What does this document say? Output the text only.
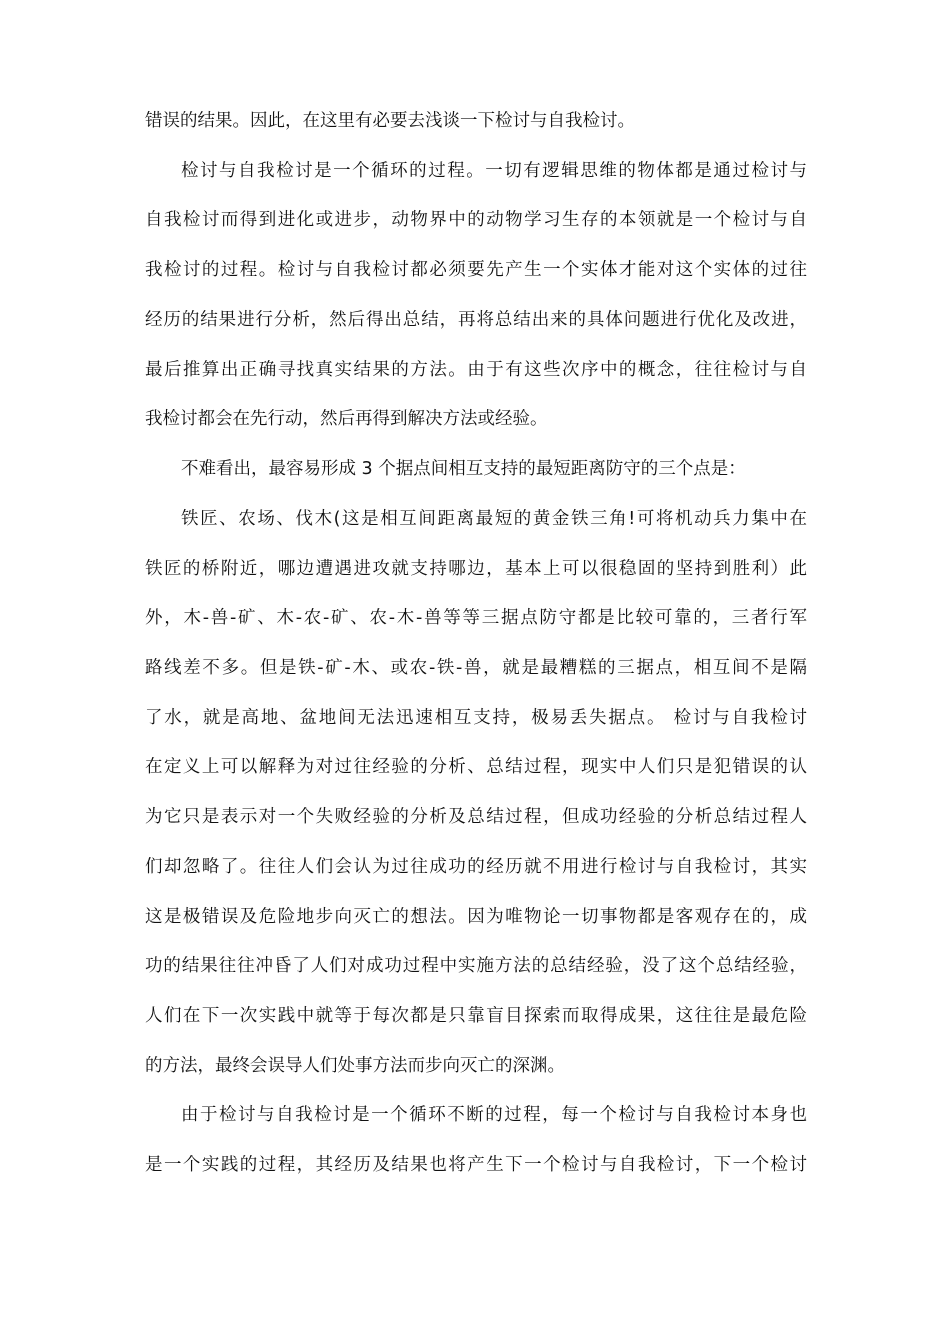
错误的结果。因此，在这里有必要去浅谈一下检讨与自我检讨。
检讨与自我检讨是一个循环的过程。一切有逻辑思维的物体都是通过检讨与
自我检讨而得到进化或进步，动物界中的动物学习生存的本领就是一个检讨与自
我检讨的过程。检讨与自我检讨都必须要先产生一个实体才能对这个实体的过往
经历的结果进行分析，然后得出总结，再将总结出来的具体问题进行优化及改进，
最后推算出正确寻找真实结果的方法。由于有这些次序中的概念，往往检讨与自
我检讨都会在先行动，然后再得到解决方法或经验。
不难看出，最容易形成 3 个据点间相互支持的最短距离防守的三个点是：
铁匠、农场、伐木(这是相互间距离最短的黄金铁三角!可将机动兵力集中在
铁匠的桥附近，哪边遭遇进攻就支持哪边，基本上可以很稳固的坚持到胜利）此
外，木-兽-矿、木-农-矿、农-木-兽等等三据点防守都是比较可靠的，三者行军
路线差不多。但是铁-矿-木、或农-铁-兽，就是最糟糕的三据点，相互间不是隔
了水，就是高地、盆地间无法迅速相互支持，极易丢失据点。 检讨与自我检讨
在定义上可以解释为对过往经验的分析、总结过程，现实中人们只是犯错误的认
为它只是表示对一个失败经验的分析及总结过程，但成功经验的分析总结过程人
们却忽略了。往往人们会认为过往成功的经历就不用进行检讨与自我检讨，其实
这是极错误及危险地步向灭亡的想法。因为唯物论一切事物都是客观存在的，成
功的结果往往冲昏了人们对成功过程中实施方法的总结经验，没了这个总结经验，
人们在下一次实践中就等于每次都是只靠盲目探索而取得成果，这往往是最危险
的方法，最终会误导人们处事方法而步向灭亡的深渊。
由于检讨与自我检讨是一个循环不断的过程，每一个检讨与自我检讨本身也
是一个实践的过程，其经历及结果也将产生下一个检讨与自我检讨，下一个检讨
